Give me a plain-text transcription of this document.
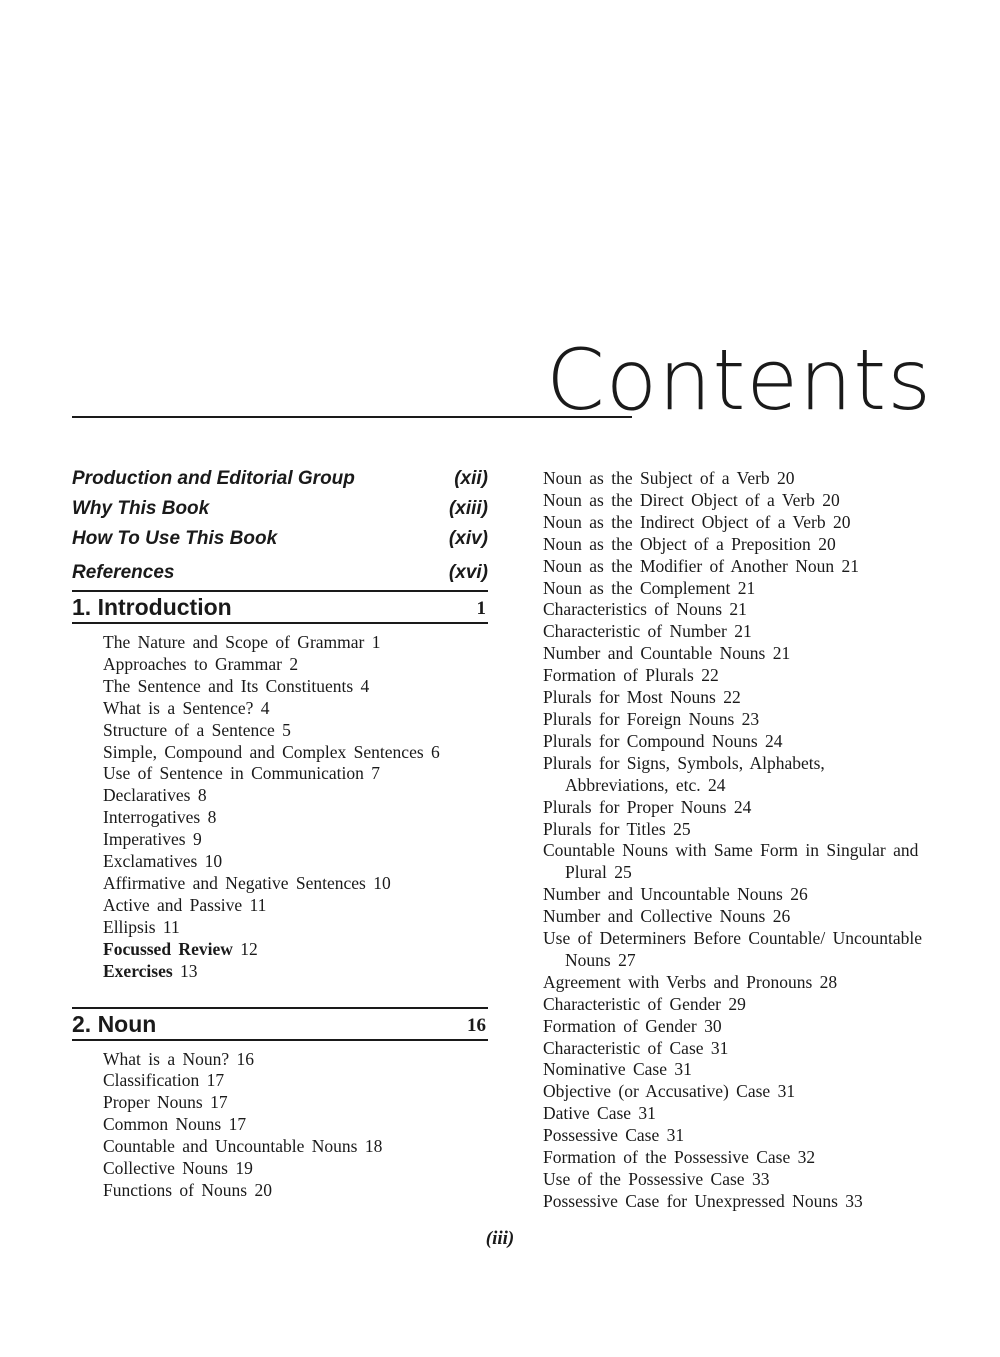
Contents
Production and Editorial Group	(xii)
Why This Book	(xiii)
How To Use This Book	(xiv)
References	(xvi)
1. Introduction	1
The Nature and Scope of Grammar 1
Approaches to Grammar 2
The Sentence and Its Constituents 4
What is a Sentence? 4
Structure of a Sentence 5
Simple, Compound and Complex Sentences 6
Use of Sentence in Communication 7
Declaratives 8
Interrogatives 8
Imperatives 9
Exclamatives 10
Affirmative and Negative Sentences 10
Active and Passive 11
Ellipsis 11
Focussed Review 12
Exercises 13
2. Noun	16
What is a Noun? 16
Classification 17
Proper Nouns 17
Common Nouns 17
Countable and Uncountable Nouns 18
Collective Nouns 19
Functions of Nouns 20
Noun as the Subject of a Verb 20
Noun as the Direct Object of a Verb 20
Noun as the Indirect Object of a Verb 20
Noun as the Object of a Preposition 20
Noun as the Modifier of Another Noun 21
Noun as the Complement 21
Characteristics of Nouns 21
Characteristic of Number 21
Number and Countable Nouns 21
Formation of Plurals 22
Plurals for Most Nouns 22
Plurals for Foreign Nouns 23
Plurals for Compound Nouns 24
Plurals for Signs, Symbols, Alphabets, Abbreviations, etc. 24
Plurals for Proper Nouns 24
Plurals for Titles 25
Countable Nouns with Same Form in Singular and Plural 25
Number and Uncountable Nouns 26
Number and Collective Nouns 26
Use of Determiners Before Countable/ Uncountable Nouns 27
Agreement with Verbs and Pronouns 28
Characteristic of Gender 29
Formation of Gender 30
Characteristic of Case 31
Nominative Case 31
Objective (or Accusative) Case 31
Dative Case 31
Possessive Case 31
Formation of the Possessive Case 32
Use of the Possessive Case 33
Possessive Case for Unexpressed Nouns 33
(iii)
